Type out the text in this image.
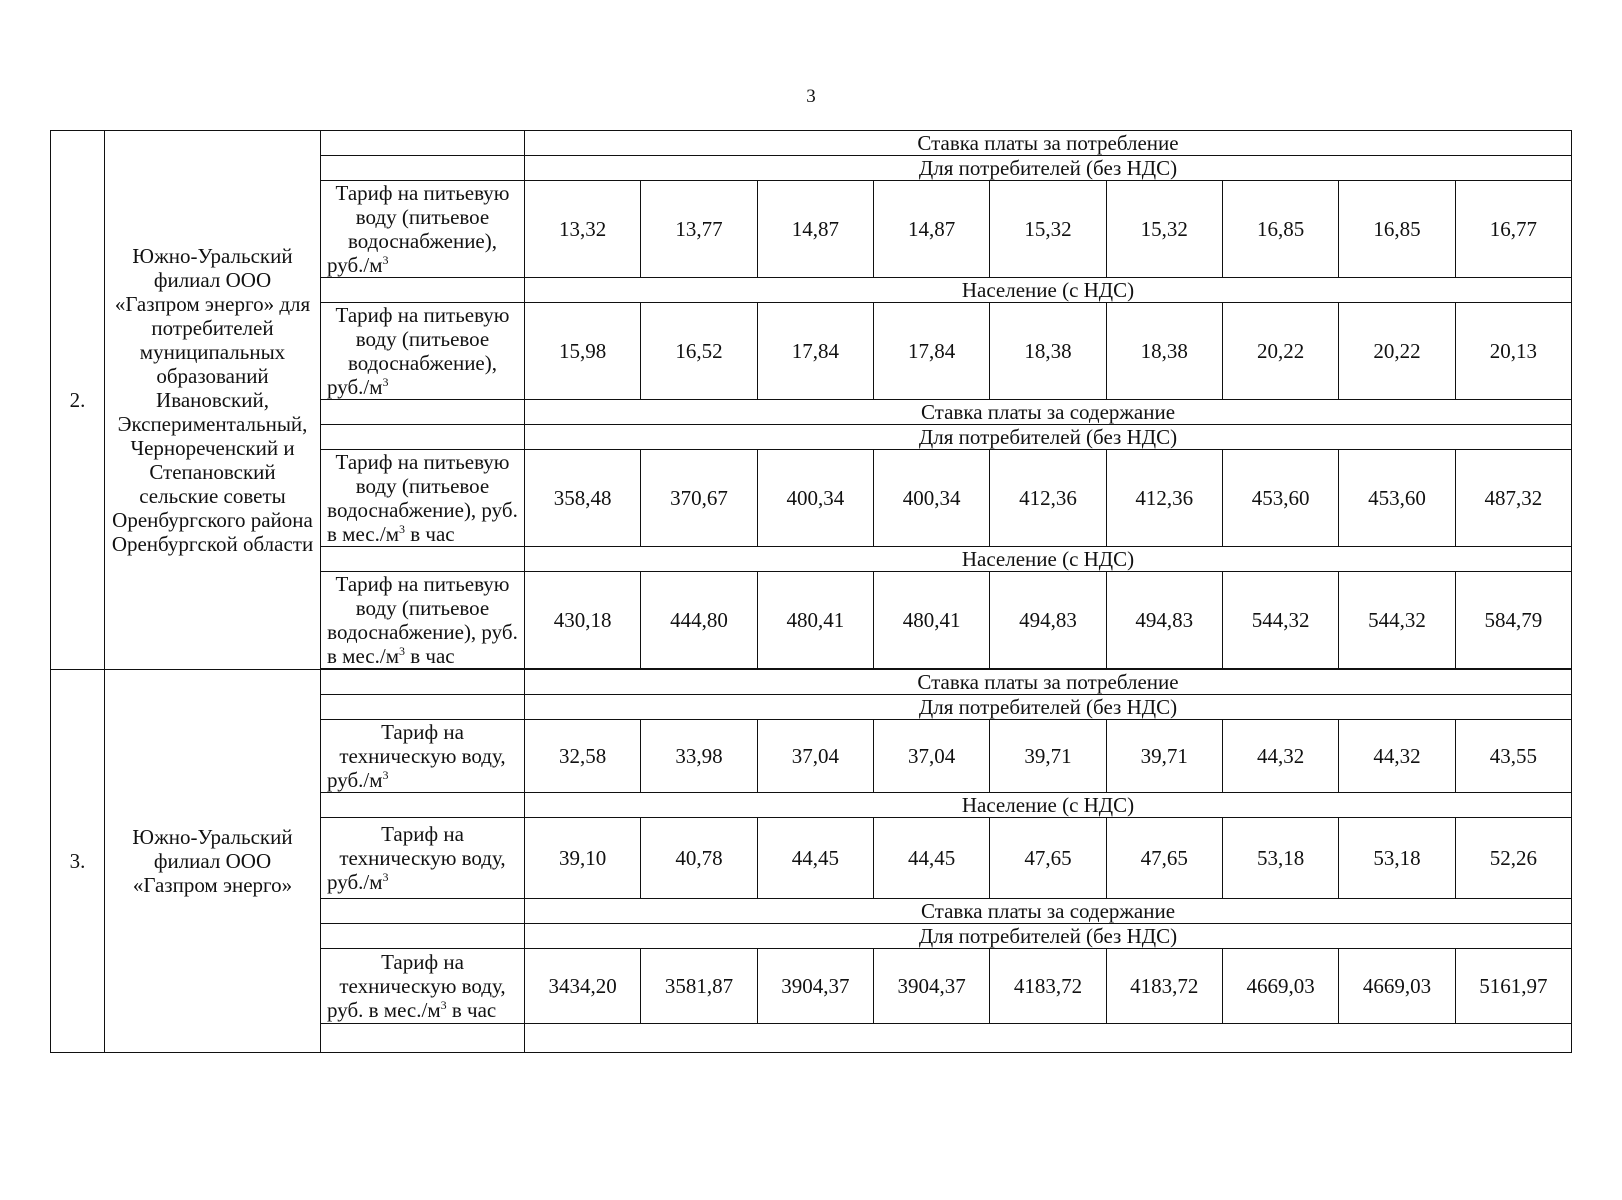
3
2.	Южно-Уральский филиал ООО «Газпром энерго» для потребителей муниципальных образований Ивановский, Экспериментальный, Чернореченский и Степановский сельские советы Оренбургского района Оренбургской области		Ставка платы за потребление								
			Для потребителей (без НДС)								
		Тариф на питьевую воду (питьевое водоснабжение), $руб./м^3$	13,32	13,77	14,87	14,87	15,32	15,32	16,85	16,85	16,77
			Население (с НДС)								
		Тариф на питьевую воду (питьевое водоснабжение), $руб./м^3$	15,98	16,52	17,84	17,84	18,38	18,38	20,22	20,22	20,13
			Ставка платы за содержание								
			Для потребителей (без НДС)								
		Тариф на питьевую воду (питьевое водоснабжение), руб. в $мес./м^3$ в час	358,48	370,67	400,34	400,34	412,36	412,36	453,60	453,60	487,32
			Население (с НДС)								
		Тариф на питьевую воду (питьевое водоснабжение), руб. в $мес./м^3$ в час	430,18	444,80	480,41	480,41	494,83	494,83	544,32	544,32	584,79

3.	Южно-Уральский филиал ООО «Газпром энерго»		Ставка платы за потребление								
			Для потребителей (без НДС)								
		Тариф на техническую воду, $руб./м^3$	32,58	33,98	37,04	37,04	39,71	39,71	44,32	44,32	43,55
			Население (с НДС)								
		Тариф на техническую воду, $руб./м^3$	39,10	40,78	44,45	44,45	47,65	47,65	53,18	53,18	52,26
			Ставка платы за содержание								
			Для потребителей (без НДС)								
		Тариф на техническую воду, руб. в $мес./м^3$ в час	3434,20	3581,87	3904,37	3904,37	4183,72	4183,72	4669,03	4669,03	5161,97
